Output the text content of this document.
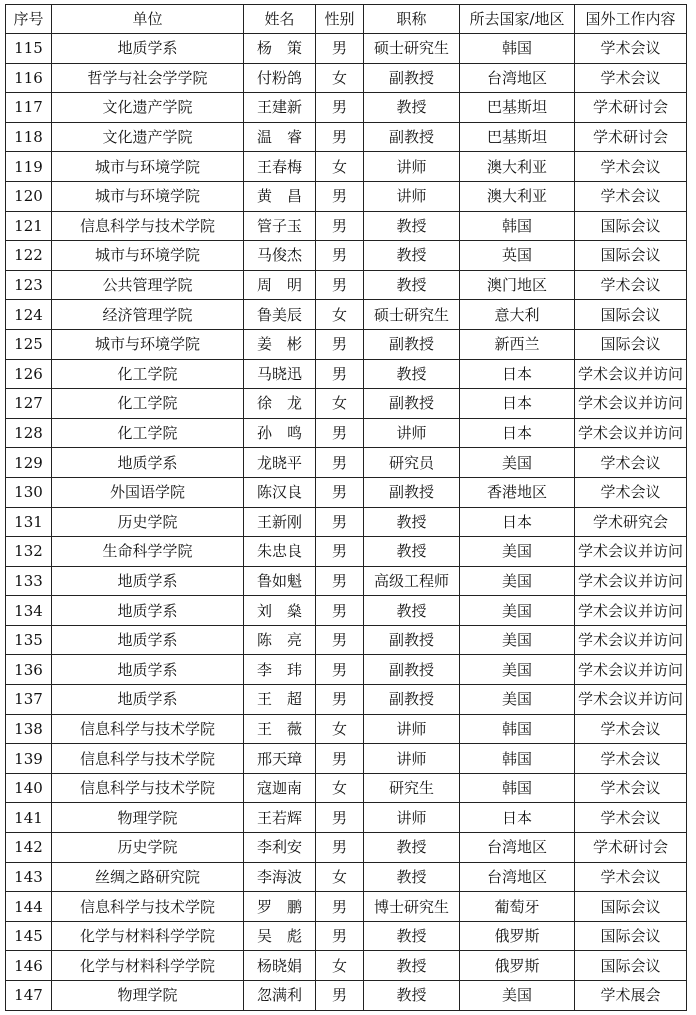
序号	单位	姓名	性别	职称	所去国家/地区	国外工作内容
115	地质学系	杨　策	男	硕士研究生	韩国	学术会议
116	哲学与社会学学院	付粉鸽	女	副教授	台湾地区	学术会议
117	文化遗产学院	王建新	男	教授	巴基斯坦	学术研讨会
118	文化遗产学院	温　睿	男	副教授	巴基斯坦	学术研讨会
119	城市与环境学院	王春梅	女	讲师	澳大利亚	学术会议
120	城市与环境学院	黄　昌	男	讲师	澳大利亚	学术会议
121	信息科学与技术学院	管子玉	男	教授	韩国	国际会议
122	城市与环境学院	马俊杰	男	教授	英国	国际会议
123	公共管理学院	周　明	男	教授	澳门地区	学术会议
124	经济管理学院	鲁美辰	女	硕士研究生	意大利	国际会议
125	城市与环境学院	姜　彬	男	副教授	新西兰	国际会议
126	化工学院	马晓迅	男	教授	日本	学术会议并访问
127	化工学院	徐　龙	女	副教授	日本	学术会议并访问
128	化工学院	孙　鸣	男	讲师	日本	学术会议并访问
129	地质学系	龙晓平	男	研究员	美国	学术会议
130	外国语学院	陈汉良	男	副教授	香港地区	学术会议
131	历史学院	王新刚	男	教授	日本	学术研究会
132	生命科学学院	朱忠良	男	教授	美国	学术会议并访问
133	地质学系	鲁如魁	男	高级工程师	美国	学术会议并访问
134	地质学系	刘　燊	男	教授	美国	学术会议并访问
135	地质学系	陈　亮	男	副教授	美国	学术会议并访问
136	地质学系	李　玮	男	副教授	美国	学术会议并访问
137	地质学系	王　超	男	副教授	美国	学术会议并访问
138	信息科学与技术学院	王　薇	女	讲师	韩国	学术会议
139	信息科学与技术学院	邢天璋	男	讲师	韩国	学术会议
140	信息科学与技术学院	寇迦南	女	研究生	韩国	学术会议
141	物理学院	王若辉	男	讲师	日本	学术会议
142	历史学院	李利安	男	教授	台湾地区	学术研讨会
143	丝绸之路研究院	李海波	女	教授	台湾地区	学术会议
144	信息科学与技术学院	罗　鹏	男	博士研究生	葡萄牙	国际会议
145	化学与材料科学学院	吴　彪	男	教授	俄罗斯	国际会议
146	化学与材料科学学院	杨晓娟	女	教授	俄罗斯	国际会议
147	物理学院	忽满利	男	教授	美国	学术展会
